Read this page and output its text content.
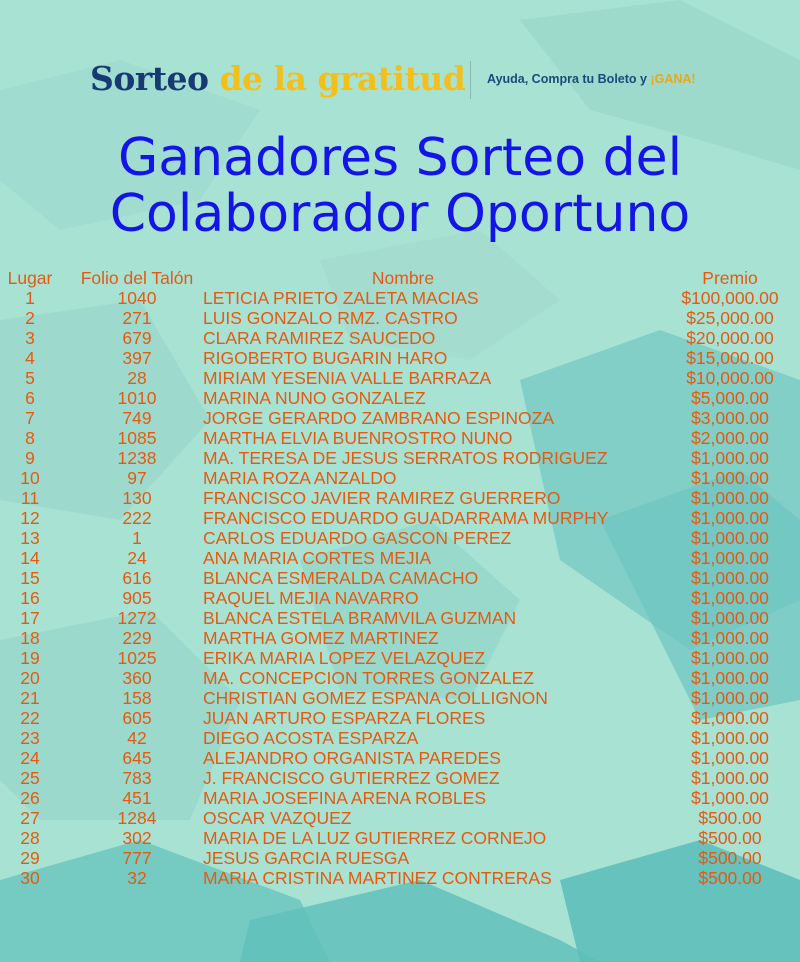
Sorteo de la gratitud Ayuda, Compra tu Boleto y ¡GANA!
Ganadores Sorteo del
Colaborador Oportuno
Lugar	Folio del Talón	Nombre	Premio
1	1040	LETICIA PRIETO ZALETA MACIAS	$100,000.00
2	271	LUIS GONZALO RMZ. CASTRO	$25,000.00
3	679	CLARA RAMIREZ SAUCEDO	$20,000.00
4	397	RIGOBERTO BUGARIN HARO	$15,000.00
5	28	MIRIAM YESENIA VALLE BARRAZA	$10,000.00
6	1010	MARINA NUNO GONZALEZ	$5,000.00
7	749	JORGE GERARDO ZAMBRANO ESPINOZA	$3,000.00
8	1085	MARTHA ELVIA BUENROSTRO NUNO	$2,000.00
9	1238	MA. TERESA DE JESUS SERRATOS RODRIGUEZ	$1,000.00
10	97	MARIA ROZA ANZALDO	$1,000.00
11	130	FRANCISCO JAVIER RAMIREZ GUERRERO	$1,000.00
12	222	FRANCISCO EDUARDO GUADARRAMA MURPHY	$1,000.00
13	1	CARLOS EDUARDO GASCON PEREZ	$1,000.00
14	24	ANA MARIA CORTES MEJIA	$1,000.00
15	616	BLANCA ESMERALDA CAMACHO	$1,000.00
16	905	RAQUEL MEJIA NAVARRO	$1,000.00
17	1272	BLANCA ESTELA BRAMVILA GUZMAN	$1,000.00
18	229	MARTHA GOMEZ MARTINEZ	$1,000.00
19	1025	ERIKA MARIA LOPEZ VELAZQUEZ	$1,000.00
20	360	MA. CONCEPCION TORRES GONZALEZ	$1,000.00
21	158	CHRISTIAN GOMEZ ESPANA COLLIGNON	$1,000.00
22	605	JUAN ARTURO ESPARZA FLORES	$1,000.00
23	42	DIEGO ACOSTA ESPARZA	$1,000.00
24	645	ALEJANDRO ORGANISTA PAREDES	$1,000.00
25	783	J. FRANCISCO GUTIERREZ GOMEZ	$1,000.00
26	451	MARIA JOSEFINA ARENA ROBLES	$1,000.00
27	1284	OSCAR VAZQUEZ	$500.00
28	302	MARIA DE LA LUZ GUTIERREZ CORNEJO	$500.00
29	777	JESUS GARCIA RUESGA	$500.00
30	32	MARIA CRISTINA MARTINEZ CONTRERAS	$500.00
